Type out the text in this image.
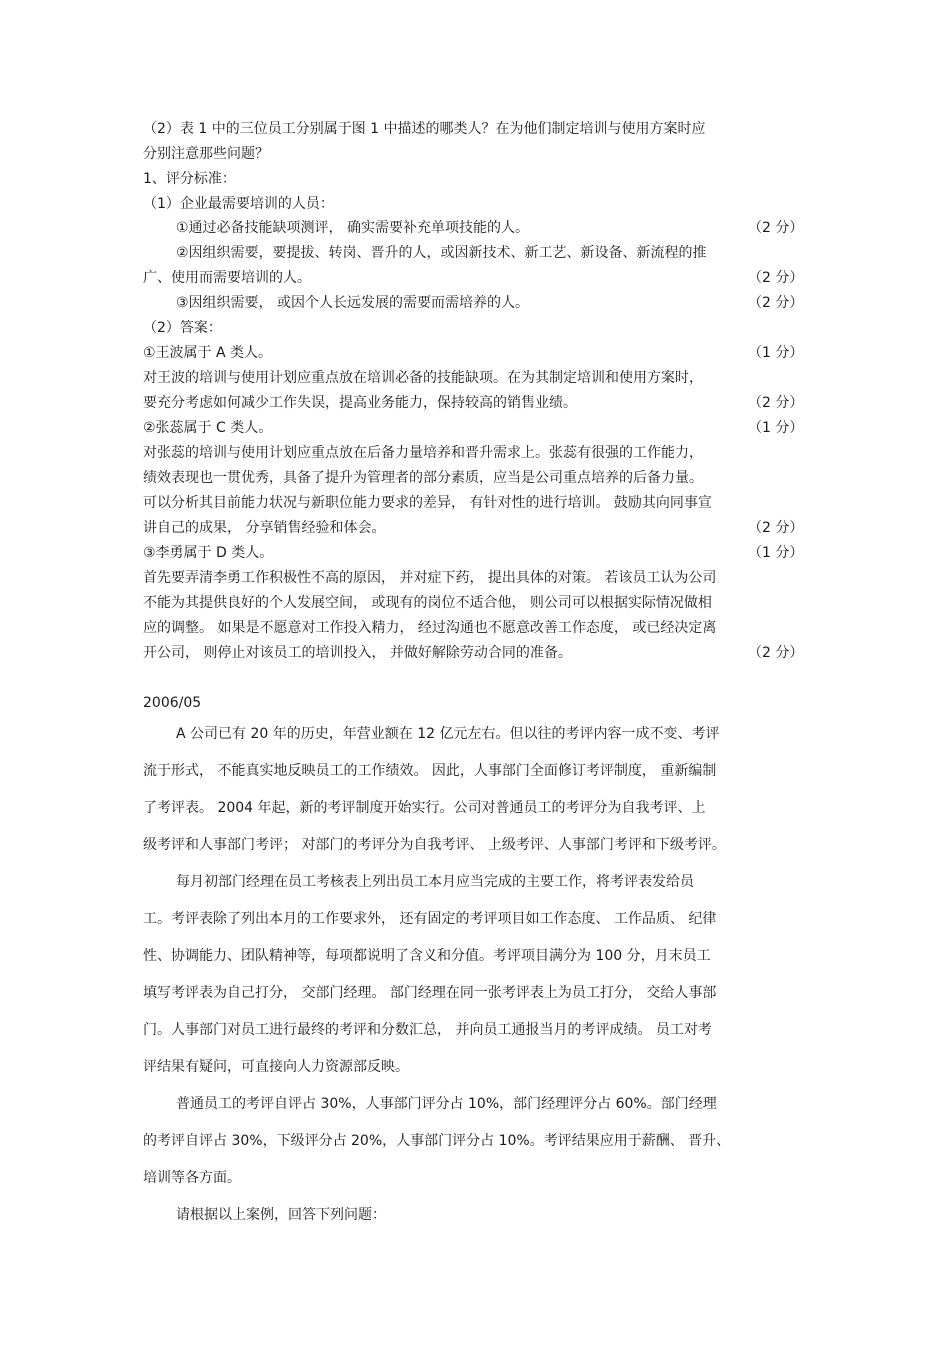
（2）表 1 中的三位员工分别属于图 1 中描述的哪类人？在为他们制定培训与使用方案时应
分别注意那些问题？
1、评分标准：
（1）企业最需要培训的人员：
①通过必备技能缺项测评， 确实需要补充单项技能的人。	（2 分）
②因组织需要，要提拔、转岗、晋升的人，或因新技术、新工艺、新设备、新流程的推
广、使用而需要培训的人。	（2 分）
③因组织需要， 或因个人长远发展的需要而需培养的人。	（2 分）
（2）答案：
①王波属于 A 类人。	（1 分）
对王波的培训与使用计划应重点放在培训必备的技能缺项。在为其制定培训和使用方案时，
要充分考虑如何减少工作失误，提高业务能力，保持较高的销售业绩。	（2 分）
②张蕊属于 C 类人。	（1 分）
对张蕊的培训与使用计划应重点放在后备力量培养和晋升需求上。张蕊有很强的工作能力，
绩效表现也一贯优秀，具备了提升为管理者的部分素质，应当是公司重点培养的后备力量。
可以分析其目前能力状况与新职位能力要求的差异， 有针对性的进行培训。 鼓励其向同事宣
讲自己的成果， 分享销售经验和体会。	（2 分）
③李勇属于 D 类人。	（1 分）
首先要弄清李勇工作积极性不高的原因， 并对症下药， 提出具体的对策。 若该员工认为公司
不能为其提供良好的个人发展空间， 或现有的岗位不适合他， 则公司可以根据实际情况做相
应的调整。 如果是不愿意对工作投入精力， 经过沟通也不愿意改善工作态度， 或已经决定离
开公司， 则停止对该员工的培训投入， 并做好解除劳动合同的准备。	（2 分）
2006/05
A 公司已有 20 年的历史，年营业额在 12 亿元左右。但以往的考评内容一成不变、考评
流于形式， 不能真实地反映员工的工作绩效。 因此，人事部门全面修订考评制度， 重新编制
了考评表。 2004 年起，新的考评制度开始实行。公司对普通员工的考评分为自我考评、上
级考评和人事部门考评； 对部门的考评分为自我考评、 上级考评、人事部门考评和下级考评。
每月初部门经理在员工考核表上列出员工本月应当完成的主要工作，将考评表发给员
工。考评表除了列出本月的工作要求外， 还有固定的考评项目如工作态度、 工作品质、 纪律
性、协调能力、团队精神等，每项都说明了含义和分值。考评项目满分为 100 分，月末员工
填写考评表为自己打分， 交部门经理。 部门经理在同一张考评表上为员工打分， 交给人事部
门。人事部门对员工进行最终的考评和分数汇总， 并向员工通报当月的考评成绩。 员工对考
评结果有疑问，可直接向人力资源部反映。
普通员工的考评自评占 30%，人事部门评分占 10%，部门经理评分占 60%。部门经理
的考评自评占 30%，下级评分占 20%，人事部门评分占 10%。考评结果应用于薪酬、 晋升、
培训等各方面。
请根据以上案例，回答下列问题：
